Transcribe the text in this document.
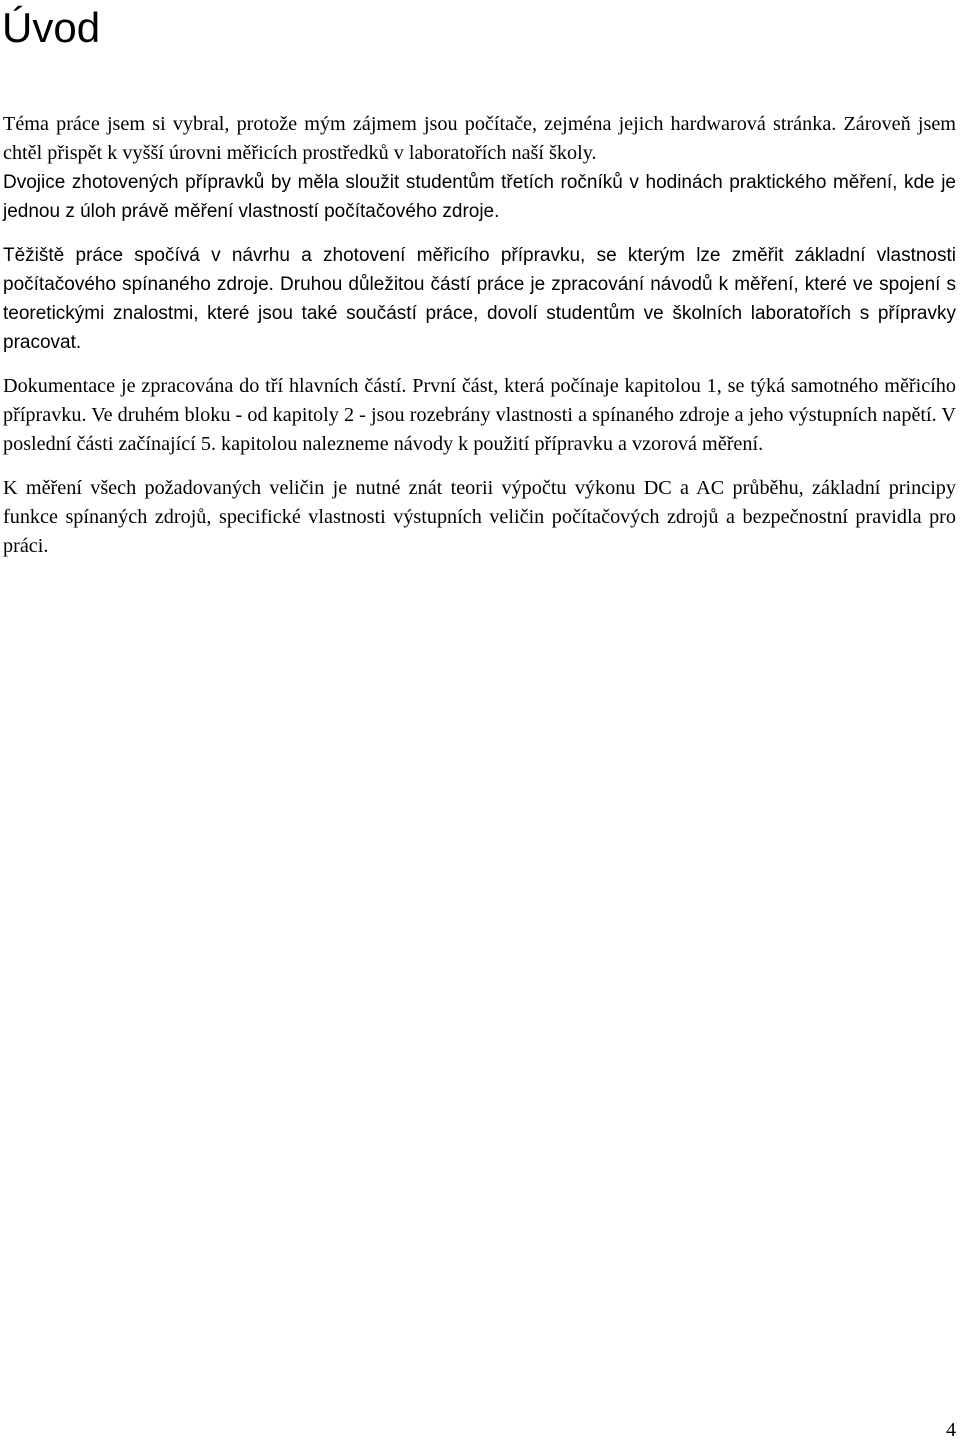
Úvod

Téma práce jsem si vybral, protože mým zájmem jsou počítače, zejména jejich hardwarová stránka. Zároveň jsem chtěl přispět k vyšší úrovni měřicích prostředků v laboratořích naší školy.

Dvojice zhotovených přípravků by měla sloužit studentům třetích ročníků v hodinách praktického měření, kde je jednou z úloh právě měření vlastností počítačového zdroje.

Těžiště práce spočívá v návrhu a zhotovení měřicího přípravku, se kterým lze změřit základní vlastnosti počítačového spínaného zdroje. Druhou důležitou částí práce je zpracování návodů k měření, které ve spojení s teoretickými znalostmi, které jsou také součástí práce, dovolí studentům ve školních laboratořích s přípravky pracovat.

Dokumentace je zpracována do tří hlavních částí. První část, která počínaje kapitolou 1, se týká samotného měřicího přípravku. Ve druhém bloku - od kapitoly 2 - jsou rozebrány vlastnosti a spínaného zdroje a jeho výstupních napětí. V poslední části začínající 5. kapitolou nalezneme návody k použití přípravku a vzorová měření.

K měření všech požadovaných veličin je nutné znát teorii výpočtu výkonu DC a AC průběhu, základní principy funkce spínaných zdrojů, specifické vlastnosti výstupních veličin počítačových zdrojů a bezpečnostní pravidla pro práci.

4
